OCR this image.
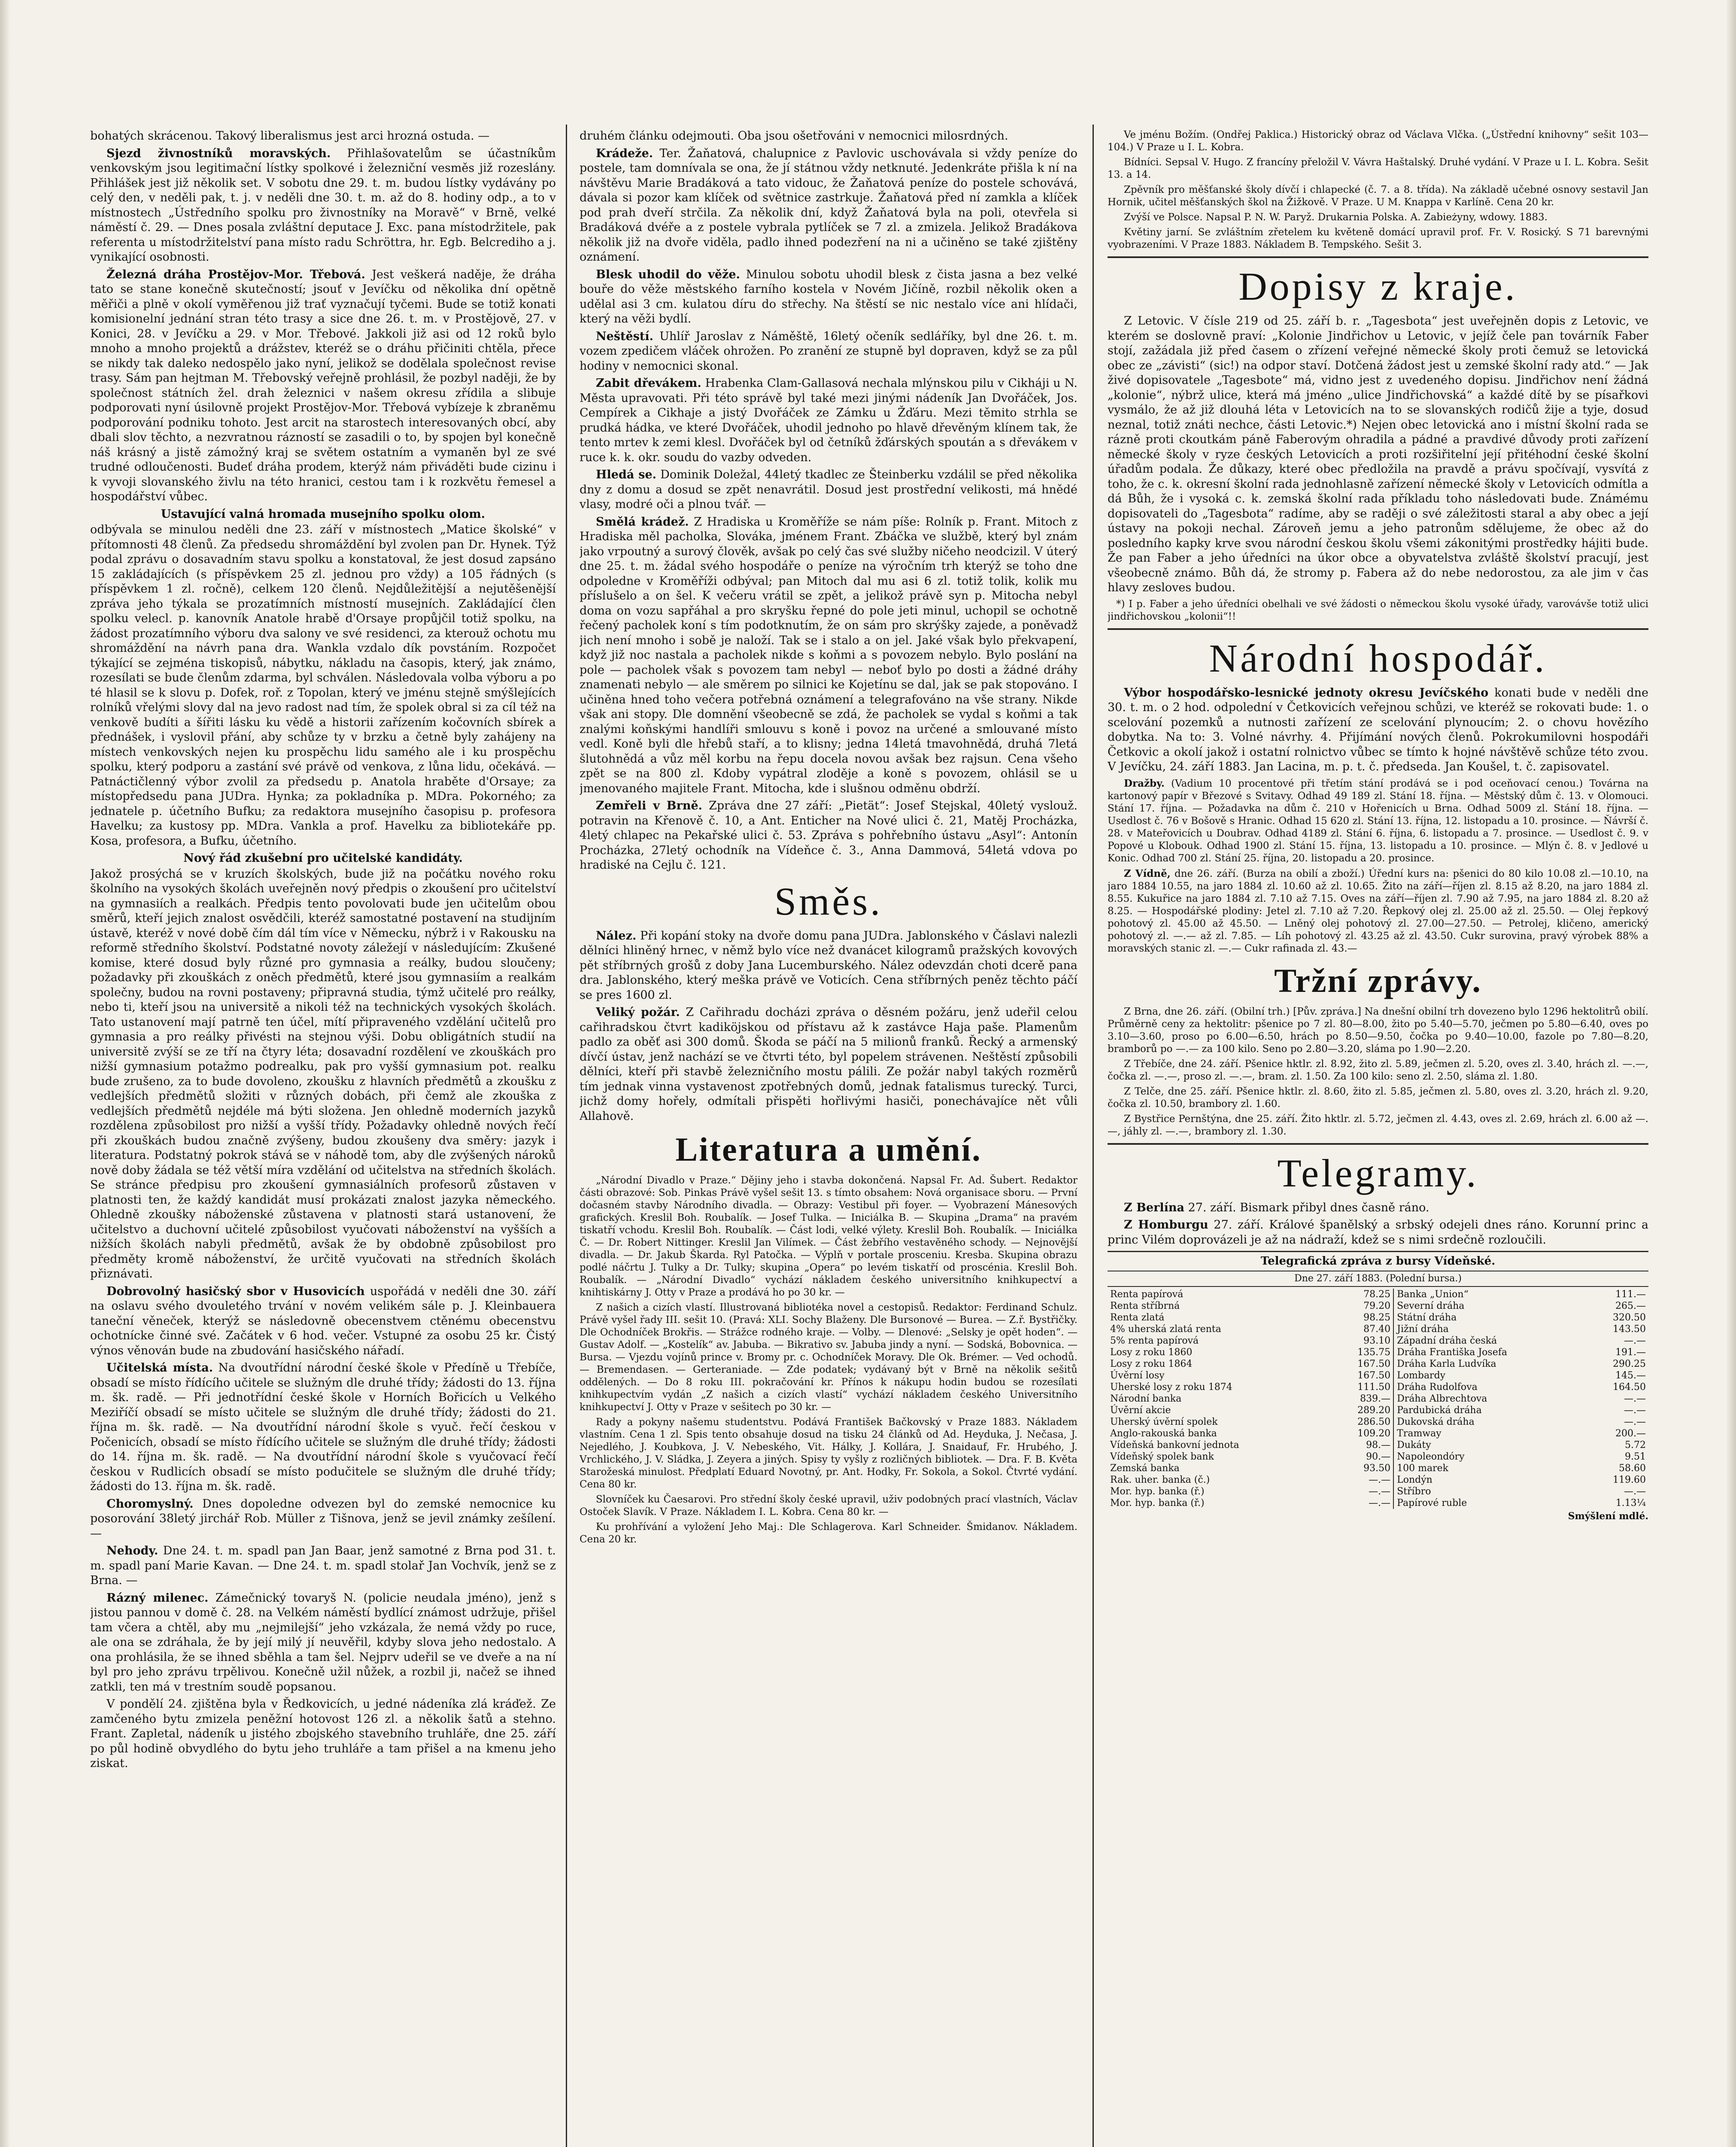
bohatých skrácenou. Takový liberalismus jest arci hrozná ostuda. —

Sjezd živnostníků moravských. Přihlašovatelům se účastníkům venkovským jsou legitimační lístky spolkové i železniční vesměs již rozeslány. Přihlášek jest již několik set. V sobotu dne 29. t. m. budou lístky vydávány po celý den, v neděli pak, t. j. v neděli dne 30. t. m. až do 8. hodiny odp., a to v místnostech „Ústředního spolku pro živnostníky na Moravě“ v Brně, velké náměstí č. 29. — Dnes posala zvláštní deputace J. Exc. pana místodržitele, pak referenta u místodržitelství pana místo radu Schröttra, hr. Egb. Belcrediho a j. vynikající osobnosti.

Železná dráha Prostějov-Mor. Třebová. Jest veškerá naděje, že dráha tato se stane konečně skutečností; jsouť v Jevíčku od několika dní opětně měřiči a plně v okolí vyměřenou již trať vyznačují tyčemi. Bude se totiž konati komisionelní jednání stran této trasy a sice dne 26. t. m. v Prostějově, 27. v Konici, 28. v Jevíčku a 29. v Mor. Třebové. Jakkoli již asi od 12 roků bylo mnoho a mnoho projektů a drážstev, kteréž se o dráhu přičiniti chtěla, přece se nikdy tak daleko nedospělo jako nyní, jelikož se dodělala společnost revise trasy. Sám pan hejtman M. Třebovský veřejně prohlásil, že pozbyl naději, že by společnost státních žel. drah železnici v našem okresu zřídila a slibuje podporovati nyní úsilovně projekt Prostějov-Mor. Třebová vybízeje k zbraněmu podporování podniku tohoto. Jest arcit na starostech interesovaných obcí, aby dbali slov těchto, a nezvratnou rázností se zasadili o to, by spojen byl konečně náš krásný a jistě zámožný kraj se světem ostatním a vymaněn byl ze své trudné odloučenosti. Budeť dráha prodem, kterýž nám přiváděti bude cizinu i k vyvoji slovanského živlu na této hranici, cestou tam i k rozkvětu řemesel a hospodářství vůbec.

Ustavující valná hromada musejního spolku olom.

odbývala se minulou neděli dne 23. září v místnostech „Matice školské“ v přítomnosti 48 členů. Za předsedu shromáždění byl zvolen pan Dr. Hynek. Týž podal zprávu o dosavadním stavu spolku a konstatoval, že jest dosud zapsáno 15 zakládajících (s příspěvkem 25 zl. jednou pro vždy) a 105 řádných (s příspěvkem 1 zl. ročně), celkem 120 členů. Nejdůležitější a nejutěšenější zpráva jeho týkala se prozatímních místností musejních. Zakládající člen spolku velecl. p. kanovník Anatole hrabě d'Orsaye propůjčil totiž spolku, na žádost prozatímního výboru dva salony ve své residenci, za kterouž ochotu mu shromáždění na návrh pana dra. Wankla vzdalo dík povstáním. Rozpočet týkající se zejména tiskopisů, nábytku, nákladu na časopis, který, jak známo, rozesílati se bude členům zdarma, byl schválen. Následovala volba výboru a po té hlasil se k slovu p. Dofek, roř. z Topolan, který ve jménu stejně smýšlejících rolníků vřelými slovy dal na jevo radost nad tím, že spolek obral si za cíl též na venkově budíti a šířiti lásku ku vědě a historii zařízením kočovních sbírek a přednášek, i vyslovil přání, aby schůze ty v brzku a četně byly zahájeny na místech venkovských nejen ku prospěchu lidu samého ale i ku prospěchu spolku, který podporu a zastání své právě od venkova, z lůna lidu, očekává. — Patnáctičlenný výbor zvolil za předsedu p. Anatola hraběte d'Orsaye; za místopředsedu pana JUDra. Hynka; za pokladníka p. MDra. Pokorného; za jednatele p. účetního Bufku; za redaktora musejního časopisu p. profesora Havelku; za kustosy pp. MDra. Vankla a prof. Havelku za bibliotekáře pp. Kosa, profesora, a Bufku, účetního.

Nový řád zkušební pro učitelské kandidáty.

Jakož prosýchá se v kruzích školských, bude již na počátku nového roku školního na vysokých školách uveřejněn nový předpis o zkoušení pro učitelství na gymnasiích a realkách. Předpis tento povolovati bude jen učitelům obou směrů, kteří jejich znalost osvědčili, kteréž samostatné postavení na studijním ústavě, kteréž v nové době čím dál tím více v Německu, nýbrž i v Rakousku na reformě středního školství. Podstatné novoty záležejí v následujícím: Zkušené komise, které dosud byly různé pro gymnasia a reálky, budou sloučeny; požadavky při zkouškách z oněch předmětů, které jsou gymnasiím a realkám společny, budou na rovni postaveny; připravná studia, týmž učitelé pro reálky, nebo ti, kteří jsou na universitě a nikoli též na technických vysokých školách. Tato ustanovení mají patrně ten účel, mítí připraveného vzdělání učitelů pro gymnasia a pro reálky přivésti na stejnou výši. Dobu obligátních studií na universitě zvýší se ze tří na čtyry léta; dosavadní rozdělení ve zkouškách pro nižší gymnasium potažmo podrealku, pak pro vyšší gymnasium pot. realku bude zrušeno, za to bude dovoleno, zkoušku z hlavních předmětů a zkoušku z vedlejších předmětů složiti v různých dobách, při čemž ale zkouška z vedlejších předmětů nejdéle má býti složena. Jen ohledně moderních jazyků rozdělena způsobilost pro nižší a vyšší třídy. Požadavky ohledně nových řečí při zkouškách budou značně zvýšeny, budou zkoušeny dva směry: jazyk i literatura. Podstatný pokrok stává se v náhodě tom, aby dle zvýšených nároků nově doby žádala se též větší míra vzdělání od učitelstva na středních školách. Se stránce předpisu pro zkoušení gymnasiálních profesorů zůstaven v platnosti ten, že každý kandidát musí prokázati znalost jazyka německého. Ohledně zkoušky náboženské zůstavena v platnosti stará ustanovení, že učitelstvo a duchovní učitelé způsobilost vyučovati náboženství na vyšších a nižších školách nabyli předmětů, avšak že by obdobně způsobilost pro předměty kromě náboženství, že určitě vyučovati na středních školách přiznávati.

Dobrovolný hasičský sbor v Husovicích uspořádá v neděli dne 30. září na oslavu svého dvouletého trvání v novém velikém sále p. J. Kleinbauera taneční věneček, kterýž se následovně obecenstvem ctěnému obecenstvu ochotnícke činné své. Začátek v 6 hod. večer. Vstupné za osobu 25 kr. Čistý výnos věnován bude na zbudování hasičského nářadí.

Učitelská místa. Na dvoutřídní národní české škole v Předíně u Třebíče, obsadí se místo řídícího učitele se služným dle druhé třídy; žádosti do 13. října m. šk. radě. — Při jednotřídní české škole v Horních Bořicích u Velkého Meziříčí obsadí se místo učitele se služným dle druhé třídy; žádosti do 21. října m. šk. radě. — Na dvoutřídní národní škole s vyuč. řečí českou v Počenicích, obsadí se místo řídícího učitele se služným dle druhé třídy; žádosti do 14. října m. šk. radě. — Na dvoutřídní národní škole s vyučovací řečí českou v Rudlicích obsadí se místo podučitele se služným dle druhé třídy; žádosti do 13. října m. šk. radě.

Choromyslný. Dnes dopoledne odvezen byl do zemské nemocnice ku posorování 38letý jirchář Rob. Müller z Tišnova, jenž se jevil známky zešílení. —

Nehody. Dne 24. t. m. spadl pan Jan Baar, jenž samotné z Brna pod 31. t. m. spadl paní Marie Kavan. — Dne 24. t. m. spadl stolař Jan Vochvík, jenž se z Brna. —

Rázný milenec. Zámečnický tovaryš N. (policie neudala jméno), jenž s jistou pannou v domě č. 28. na Velkém náměstí bydlící známost udržuje, přišel tam včera a chtěl, aby mu „nejmilejší“ jeho vzkázala, že nemá vždy po ruce, ale ona se zdráhala, že by její milý jí neuvěřil, kdyby slova jeho nedostalo. A ona prohlásila, že se ihned sběhla a tam šel. Nejprv udeřil se ve dveře a na ní byl pro jeho zprávu trpělivou. Konečně užil nůžek, a rozbil ji, načež se ihned zatkli, ten má v trestním soudě popsanou.

V pondělí 24. zjištěna byla v Ředkovicích, u jedné nádeníka zlá kráďež. Ze zamčeného bytu zmizela peněžní hotovost 126 zl. a několik šatů a stehno. Frant. Zapletal, nádeník u jistého zbojského stavebního truhláře, dne 25. září po půl hodině obvydlého do bytu jeho truhláře a tam přišel a na kmenu jeho ziskat.

druhém článku odejmouti. Oba jsou ošetřováni v nemocnici milosrdných.

Krádeže. Ter. Žaňatová, chalupnice z Pavlovic uschovávala si vždy peníze do postele, tam domnívala se ona, že jí státnou vždy netknuté. Jedenkráte přišla k ní na návštěvu Marie Bradáková a tato vidouc, že Žaňatová peníze do postele schovává, dávala si pozor kam klíček od světnice zastrkuje. Žaňatová před ní zamkla a klíček pod prah dveří strčila. Za několik dní, když Žaňatová byla na poli, otevřela si Bradáková dvéře a z postele vybrala pytlíček se 7 zl. a zmizela. Jelikož Bradákova několik již na dvoře viděla, padlo ihned podezření na ni a učiněno se také zjištěny oznámení.

Blesk uhodil do věže. Minulou sobotu uhodil blesk z čista jasna a bez velké bouře do věže městského farního kostela v Novém Jičíně, rozbil několik oken a udělal asi 3 cm. kulatou díru do střechy. Na štěstí se nic nestalo více ani hlídači, který na věži bydlí.

Neštěstí. Uhlíř Jaroslav z Náměště, 16letý očeník sedláříky, byl dne 26. t. m. vozem zpedičem vláček ohrožen. Po zranění ze stupně byl dopraven, když se za půl hodiny v nemocnici skonal.

Zabit dřevákem. Hrabenka Clam-Gallasová nechala mlýnskou pilu v Cikháji u N. Města upravovati. Při této správě byl také mezi jinými nádeník Jan Dvořáček, Jos. Cempírek a Cikhaje a jistý Dvořáček ze Zámku u Žďáru. Mezi těmito strhla se prudká hádka, ve které Dvořáček, uhodil jednoho po hlavě dřevěným klínem tak, že tento mrtev k zemi klesl. Dvořáček byl od četníků žďárských spoután a s dřevákem v ruce k. k. okr. soudu do vazby odveden.

Hledá se. Dominik Doležal, 44letý tkadlec ze Šteinberku vzdálil se před několika dny z domu a dosud se zpět nenavrátil. Dosud jest prostřední velikosti, má hnědé vlasy, modré oči a plnou tvář. —

Smělá krádež. Z Hradiska u Kroměříže se nám píše: Rolník p. Frant. Mitoch z Hradiska měl pacholka, Slováka, jménem Frant. Zbáčka ve službě, který byl znám jako vrpoutný a surový člověk, avšak po celý čas své služby ničeho neodcizil. V úterý dne 25. t. m. žádal svého hospodáře o peníze na výročním trh kterýž se toho dne odpoledne v Kroměříži odbýval; pan Mitoch dal mu asi 6 zl. totiž tolik, kolik mu příslušelo a on šel. K večeru vrátil se zpět, a jelikož právě syn p. Mitocha nebyl doma on vozu sapřáhal a pro skryšku řepné do pole jeti minul, uchopil se ochotně řečený pacholek koní s tím podotknutím, že on sám pro skrýšky zajede, a poněvadž jich není mnoho i sobě je naloží. Tak se i stalo a on jel. Jaké však bylo překvapení, když již noc nastala a pacholek nikde s koňmi a s povozem nebylo. Bylo poslání na pole — pacholek však s povozem tam nebyl — neboť bylo po dosti a žádné dráhy znamenati nebylo — ale směrem po silnici ke Kojetínu se dal, jak se pak stopováno. I učiněna hned toho večera potřebná oznámení a telegrafováno na vše strany. Nikde však ani stopy. Dle domnění všeobecně se zdá, že pacholek se vydal s koňmi a tak znalými koňskými handlíři smlouvu s koně i povoz na určené a smlouvané místo vedl. Koně byli dle hřebů staří, a to klisny; jedna 14letá tmavohnědá, druhá 7letá šlutohnědá a vůz měl korbu na řepu docela novou avšak bez rajsun. Cena všeho zpět se na 800 zl. Kdoby vypátral zloděje a koně s povozem, ohlásil se u jmenovaného majitele Frant. Mitocha, kde i slušnou odměnu obdrží.

Zemřeli v Brně. Zpráva dne 27 září: „Pietät“: Josef Stejskal, 40letý vyslouž. potravin na Křenově č. 10, a Ant. Enticher na Nové ulici č. 21, Matěj Procházka, 4letý chlapec na Pekařské ulici č. 53. Zpráva s pohřebního ústavu „Asyl“: Antonín Procházka, 27letý ochodník na Vídeňce č. 3., Anna Dammová, 54letá vdova po hradiské na Cejlu č. 121.

Směs.

Nález. Při kopání stoky na dvoře domu pana JUDra. Jablonského v Čáslavi nalezli dělníci hliněný hrnec, v němž bylo více než dvanácet kilogramů pražských kovových pět stříbrných grošů z doby Jana Lucemburského. Nález odevzdán choti dcerě pana dra. Jablonského, který meška právě ve Voticích. Cena stříbrných peněz těchto páčí se pres 1600 zl.

Veliký požár. Z Cařihradu docházi zpráva o děsném požáru, jenž udeřil celou cařihradskou čtvrt kadiköjskou od přístavu až k zastávce Haja paše. Plamenům padlo za oběť asi 300 domů. Škoda se páčí na 5 milionů franků. Řecký a armenský dívčí ústav, jenž nachází se ve čtvrti této, byl popelem strávenen. Neštěstí způsobili dělníci, kteří při stavbě železničního mostu pálili. Ze požár nabyl takých rozměrů tím jednak vinna vystavenost zpotřebných domů, jednak fatalismus turecký. Turci, jichž domy hořely, odmítali přispěti hořlivými hasiči, ponechávajíce nět vůli Allahově.

Literatura a umění.

„Národní Divadlo v Praze.“ Dějiny jeho i stavba dokončená. Napsal Fr. Ad. Šubert. Redaktor části obrazové: Sob. Pinkas Právě vyšel sešit 13. s tímto obsahem: Nová organisace sboru. — První dočasném stavby Národního divadla. — Obrazy: Vestibul při foyer. — Vyobrazení Mánesových grafických. Kreslil Boh. Roubalík. — Josef Tulka. — Iniciálka B. — Skupina „Drama“ na pravém tiskatří vchodu. Kreslil Boh. Roubalík. — Část lodi, velké výlety. Kreslil Boh. Roubalík. — Iniciálka Č. — Dr. Robert Nittinger. Kreslil Jan Vilímek. — Část žebřího vestavěného schody. — Nejnovější divadla. — Dr. Jakub Škarda. Ryl Patočka. — Výplň v portale prosceniu. Kresba. Skupina obrazu podlé náčrtu J. Tulky a Dr. Tulky; skupina „Opera“ po levém tiskatří od proscénia. Kreslil Boh. Roubalík. — „Národní Divadlo“ vychází nákladem českého universitního knihkupectví a knihtiskárny J. Otty v Praze a prodává ho po 30 kr. —

Z našich a cizích vlastí. Illustrovaná bibliotéka novel a cestopisů. Redaktor: Ferdinand Schulz. Právě vyšel řady III. sešit 10. (Pravá: XLI. Sochy Blaženy. Dle Bursonové — Burea. — Z.ř. Bystřičky. Dle Ochodníček Brokřis. — Strážce rodného kraje. — Volby. — Dlenové: „Selsky je opět hoden“. — Gustav Adolf. — „Kostelík“ av. Jabuba. — Bikrativo sv. Jabuba jindy a nyní. — Sodská, Bobovnica. — Bursa. — Vjezdu vojínů prince v. Bromy pr. c. Ochodníček Moravy. Dle Ok. Brémer. — Ved ochodů. — Bremendasen. — Gerteraniade. — Zde podatek; vydávaný být v Brně na několik sešitů oddělených. — Do 8 roku III. pokračování kr. Přínos k nákupu hodin budou se rozesílati knihkupectvím vydán „Z našich a cizích vlastí“ vychází nákladem českého Universitního knihkupectví J. Otty v Praze v sešitech po 30 kr. —

Rady a pokyny našemu studentstvu. Podává František Bačkovský v Praze 1883. Nákladem vlastním. Cena 1 zl. Spis tento obsahuje dosud na tisku 24 článků od Ad. Heyduka, J. Nečasa, J. Nejedlého, J. Koubkova, J. V. Nebeského, Vit. Hálky, J. Kollára, J. Snaidauf, Fr. Hrubého, J. Vrchlického, J. V. Sládka, J. Zeyera a jiných. Spisy ty vyšly z rozličných bibliotek. — Dra. F. B. Květa Starožeská minulost. Předplatí Eduard Novotný, pr. Ant. Hodky, Fr. Sokola, a Sokol. Čtvrté vydání. Cena 80 kr.

Slovníček ku Čaesarovi. Pro střední školy české upravil, uživ podobných prací vlastních, Václav Ostoček Slavík. V Praze. Nákladem I. L. Kobra. Cena 80 kr. —

Ku prohřívání a vyložení Jeho Maj.: Dle Schlagerova. Karl Schneider. Šmidanov. Nákladem. Cena 20 kr.

Ve jménu Božím. (Ondřej Paklica.) Historický obraz od Václava Vlčka. („Ústřední knihovny“ sešit 103—104.) V Praze u I. L. Kobra.

Bídníci. Sepsal V. Hugo. Z francíny přeložil V. Vávra Haštalský. Druhé vydání. V Praze u I. L. Kobra. Sešit 13. a 14.

Zpěvník pro měšťanské školy dívčí i chlapecké (č. 7. a 8. třída). Na základě učebné osnovy sestavil Jan Hornik, učitel měšťanských škol na Žižkově. V Praze. U M. Knappa v Karlíně. Cena 20 kr.

Zvýší ve Polsce. Napsal P. N. W. Paryž. Drukarnia Polska. A. Zabieżyny, wdowy. 1883.

Květiny jarní. Se zvláštním zřetelem ku květeně domácí upravil prof. Fr. V. Rosický. S 71 barevnými vyobrazeními. V Praze 1883. Nákladem B. Tempského. Sešit 3.

Dopisy z kraje.

Z Letovic. V čísle 219 od 25. září b. r. „Tagesbota“ jest uveřejněn dopis z Letovic, ve kterém se doslovně praví: „Kolonie Jindřichov u Letovic, v jejíž čele pan továrník Faber stojí, zažádala již před časem o zřízení veřejné německé školy proti čemuž se letovická obec ze „závisti“ (sic!) na odpor staví. Dotčená žádost jest u zemské školní rady atd.“ — Jak živé dopisovatele „Tagesbote“ má, vidno jest z uvedeného dopisu. Jindřichov není žádná „kolonie“, nýbrž ulice, která má jméno „ulice Jindřichovská“ a každé dítě by se písařkovi vysmálo, že až již dlouhá léta v Letovicích na to se slovanských rodičů žije a tyje, dosud neznal, totiž znáti nechce, části Letovic.*) Nejen obec letovická ano i místní školní rada se rázně proti ckoutkám páně Faberovým ohradila a pádné a pravdivé důvody proti zařízení německé školy v ryze českých Letovicích a proti rozšiřitelní její přitéhodní české školní úřadům podala. Že důkazy, které obec předložila na pravdě a právu spočívají, vysvítá z toho, že c. k. okresní školní rada jednohlasně zařízení německé školy v Letovicích odmítla a dá Bůh, že i vysoká c. k. zemská školní rada příkladu toho následovati bude. Známému dopisovateli do „Tagesbota“ radíme, aby se raději o své záležitosti staral a aby obec a její ústavy na pokoji nechal. Zároveň jemu a jeho patronům sdělujeme, že obec až do posledního kapky krve svou národní českou školu všemi zákonitými prostředky hájiti bude. Že pan Faber a jeho úředníci na úkor obce a obyvatelstva zvláště školství pracují, jest všeobecně známo. Bůh dá, že stromy p. Fabera až do nebe nedorostou, za ale jim v čas hlavy zesloves budou.

*) I p. Faber a jeho úředníci obelhali ve své žádosti o německou školu vysoké úřady, varovávše totiž ulici jindřichovskou „kolonii“!!

Národní hospodář.

Výbor hospodářsko-lesnické jednoty okresu Jevíčského konati bude v neděli dne 30. t. m. o 2 hod. odpolední v Četkovicích veřejnou schůzi, ve kteréž se rokovati bude: 1. o scelování pozemků a nutnosti zařízení ze scelování plynoucím; 2. o chovu hovězího dobytka. Na to: 3. Volné návrhy. 4. Přijímání nových členů. Pokrokumilovni hospodáři Četkovic a okolí jakož i ostatní rolnictvo vůbec se tímto k hojné návštěvě schůze této zvou. V Jevíčku, 24. září 1883. Jan Lacina, m. p. t. č. předseda. Jan Koušel, t. č. zapisovatel.

Dražby. (Vadium 10 procentové při třetím stání prodává se i pod oceňovací cenou.) Továrna na kartonový papír v Březové s Svitavy. Odhad 49 189 zl. Stání 18. října. — Městský dům č. 13. v Olomouci. Stání 17. října. — Požadavka na dům č. 210 v Hořenicích u Brna. Odhad 5009 zl. Stání 18. října. — Usedlost č. 76 v Bošově s Hranic. Odhad 15 620 zl. Stání 13. října, 12. listopadu a 10. prosince. — Ňávrší č. 28. v Mateřovicích u Doubrav. Odhad 4189 zl. Stání 6. října, 6. listopadu a 7. prosince. — Usedlost č. 9. v Popové u Klobouk. Odhad 1900 zl. Stání 15. října, 13. listopadu a 10. prosince. — Mlýn č. 8. v Jedlové u Konic. Odhad 700 zl. Stání 25. října, 20. listopadu a 20. prosince.

Z Vídně, dne 26. září. (Burza na obilí a zboží.) Úřední kurs na: pšenici do 80 kilo 10.08 zl.—10.10, na jaro 1884 10.55, na jaro 1884 zl. 10.60 až zl. 10.65. Žito na září—říjen zl. 8.15 až 8.20, na jaro 1884 zl. 8.55. Kukuřice na jaro 1884 zl. 7.10 až 7.15. Oves na září—říjen zl. 7.90 až 7.95, na jaro 1884 zl. 8.20 až 8.25. — Hospodářské plodiny: Jetel zl. 7.10 až 7.20. Řepkový olej zl. 25.00 až zl. 25.50. — Olej řepkový pohotový zl. 45.00 až 45.50. — Lněný olej pohotový zl. 27.00—27.50. — Petrolej, kličeno, americký pohotový zl. —.— až zl. 7.85. — Líh pohotový zl. 43.25 až zl. 43.50. Cukr surovina, pravý výrobek 88% a moravských stanic zl. —.— Cukr rafinada zl. 43.—

Tržní zprávy.

Z Brna, dne 26. září. (Obilní trh.) [Pův. zpráva.] Na dnešní obilní trh dovezeno bylo 1296 hektolitrů obilí. Průměrně ceny za hektolitr: pšenice po 7 zl. 80—8.00, žito po 5.40—5.70, ječmen po 5.80—6.40, oves po 3.10—3.60, proso po 6.00—6.50, hrách po 8.50—9.50, čočka po 9.40—10.00, fazole po 7.80—8.20, bramborů po —.— za 100 kilo. Seno po 2.80—3.20, sláma po 1.90—2.20.

Z Třebíče, dne 24. září. Pšenice hktlr. zl. 8.92, žito zl. 5.89, ječmen zl. 5.20, oves zl. 3.40, hrách zl. —.—, čočka zl. —.—, proso zl. —.—, bram. zl. 1.50. Za 100 kilo: seno zl. 2.50, sláma zl. 1.80.

Z Telče, dne 25. září. Pšenice hktlr. zl. 8.60, žito zl. 5.85, ječmen zl. 5.80, oves zl. 3.20, hrách zl. 9.20, čočka zl. 10.50, brambory zl. 1.60.

Z Bystřice Pernštýna, dne 25. září. Žito hktlr. zl. 5.72, ječmen zl. 4.43, oves zl. 2.69, hrách zl. 6.00 až —.—, jáhly zl. —.—, brambory zl. 1.30.

Telegramy.

Z Berlína 27. září. Bismark přibyl dnes časně ráno.

Z Homburgu 27. září. Králové španělský a srbský odejeli dnes ráno. Korunní princ a princ Vilém doprovázeli je až na nádraží, kdež se s nimi srdečně rozloučili.

Telegrafická zpráva z bursy Vídeňské.
Dne 27. září 1883. (Polední bursa.)
Renta papírová	78.25		Banka „Union“	111.—
Renta stříbrná	79.20		Severní dráha	265.—
Renta zlatá	98.25		Státní dráha	320.50
4% uherská zlatá renta	87.40		Jižní dráha	143.50
5% renta papírová	93.10		Západní dráha česká	—.—
Losy z roku 1860	135.75		Dráha Františka Josefa	191.—
Losy z roku 1864	167.50		Dráha Karla Ludvíka	290.25
Úvěrní losy	167.50		Lombardy	145.—
Uherské losy z roku 1874	111.50		Dráha Rudolfova	164.50
Národní banka	839.—		Dráha Albrechtova	—.—
Úvěrní akcie	289.20		Pardubická dráha	—.—
Uherský úvěrní spolek	286.50		Dukovská dráha	—.—
Anglo-rakouská banka	109.20		Tramway	200.—
Vídeňská bankovní jednota	98.—		Dukáty	5.72
Vídeňský spolek bank	90.—		Napoleondóry	9.51
Zemská banka	93.50		100 marek	58.60
Rak. uher. banka (č.)	—.—		Londýn	119.60
Mor. hyp. banka (ř.)	—.—		Stříbro	—.—
Mor. hyp. banka (ř.)	—.—		Papírové ruble	1.13¼

Smýšlení mdlé.
